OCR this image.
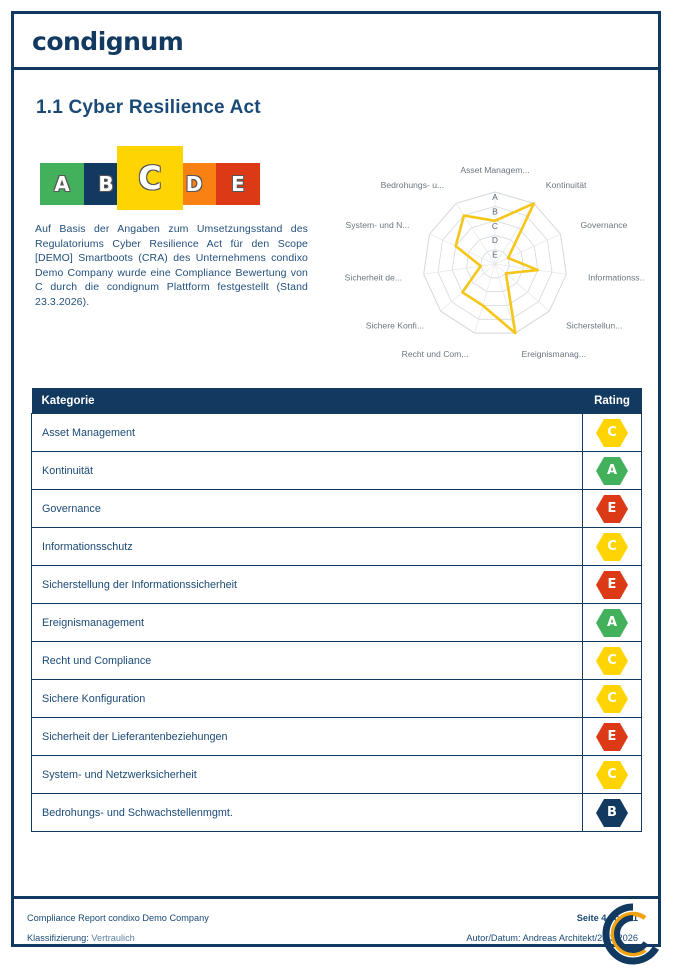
condignum
1.1 Cyber Resilience Act
A B C D E
Auf Basis der Angaben zum Umsetzungsstand des Regulatoriums Cyber Resilience Act für den Scope [DEMO] Smartboots (CRA) des Unternehmens condixo Demo Company wurde eine Compliance Bewertung von C durch die condignum Plattform festgestellt (Stand 23.3.2026).
A
B
C
D
E
Asset Managem...
Kontinuität
Governance
Informationss..
Sicherstellun...
Ereignismanag...
Recht und Com...
Sichere Konfi...
Sicherheit de...
System- und N...
Bedrohungs- u...
Kategorie	Rating
Asset Management	C

Kontinuität	A

Governance	E

Informationsschutz	C

Sicherstellung der Informationssicherheit	E

Ereignismanagement	A

Recht und Compliance	C

Sichere Konfiguration	C

Sicherheit der Lieferantenbeziehungen	E

System- und Netzwerksicherheit	C

Bedrohungs- und Schwachstellenmgmt.	B
Compliance Report condixo Demo Company
Klassifizierung: Vertraulich
Seite 4 von 51
Autor/Datum: Andreas Architekt/23.3.2026
